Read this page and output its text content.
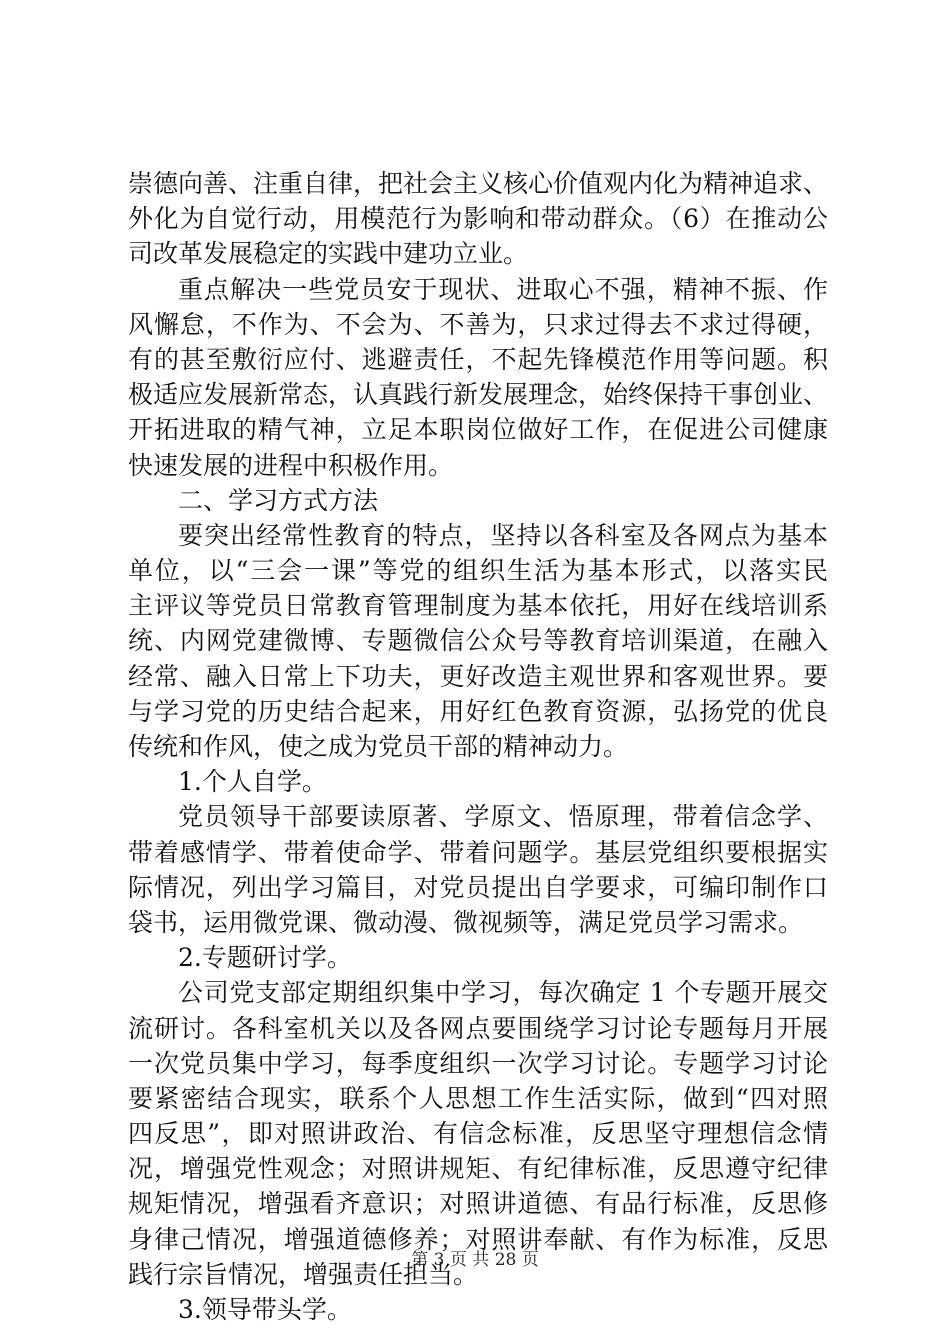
崇德向善、注重自律，把社会主义核心价值观内化为精神追求、
外化为自觉行动，用模范行为影响和带动群众。（6）在推动公
司改革发展稳定的实践中建功立业。
重点解决一些党员安于现状、进取心不强，精神不振、作
风懈怠，不作为、不会为、不善为，只求过得去不求过得硬，
有的甚至敷衍应付、逃避责任，不起先锋模范作用等问题。积
极适应发展新常态，认真践行新发展理念，始终保持干事创业、
开拓进取的精气神，立足本职岗位做好工作，在促进公司健康
快速发展的进程中积极作用。
二、学习方式方法
要突出经常性教育的特点，坚持以各科室及各网点为基本
单位，以“三会一课”等党的组织生活为基本形式，以落实民
主评议等党员日常教育管理制度为基本依托，用好在线培训系
统、内网党建微博、专题微信公众号等教育培训渠道，在融入
经常、融入日常上下功夫，更好改造主观世界和客观世界。要
与学习党的历史结合起来，用好红色教育资源，弘扬党的优良
传统和作风，使之成为党员干部的精神动力。
1.个人自学。
党员领导干部要读原著、学原文、悟原理，带着信念学、
带着感情学、带着使命学、带着问题学。基层党组织要根据实
际情况，列出学习篇目，对党员提出自学要求，可编印制作口
袋书，运用微党课、微动漫、微视频等，满足党员学习需求。
2.专题研讨学。
公司党支部定期组织集中学习，每次确定 1 个专题开展交
流研讨。各科室机关以及各网点要围绕学习讨论专题每月开展
一次党员集中学习，每季度组织一次学习讨论。专题学习讨论
要紧密结合现实，联系个人思想工作生活实际，做到“四对照
四反思”，即对照讲政治、有信念标准，反思坚守理想信念情
况，增强党性观念；对照讲规矩、有纪律标准，反思遵守纪律
规矩情况，增强看齐意识；对照讲道德、有品行标准，反思修
身律己情况，增强道德修养；对照讲奉献、有作为标准，反思
践行宗旨情况，增强责任担当。
3.领导带头学。
第 3 页 共 28 页
